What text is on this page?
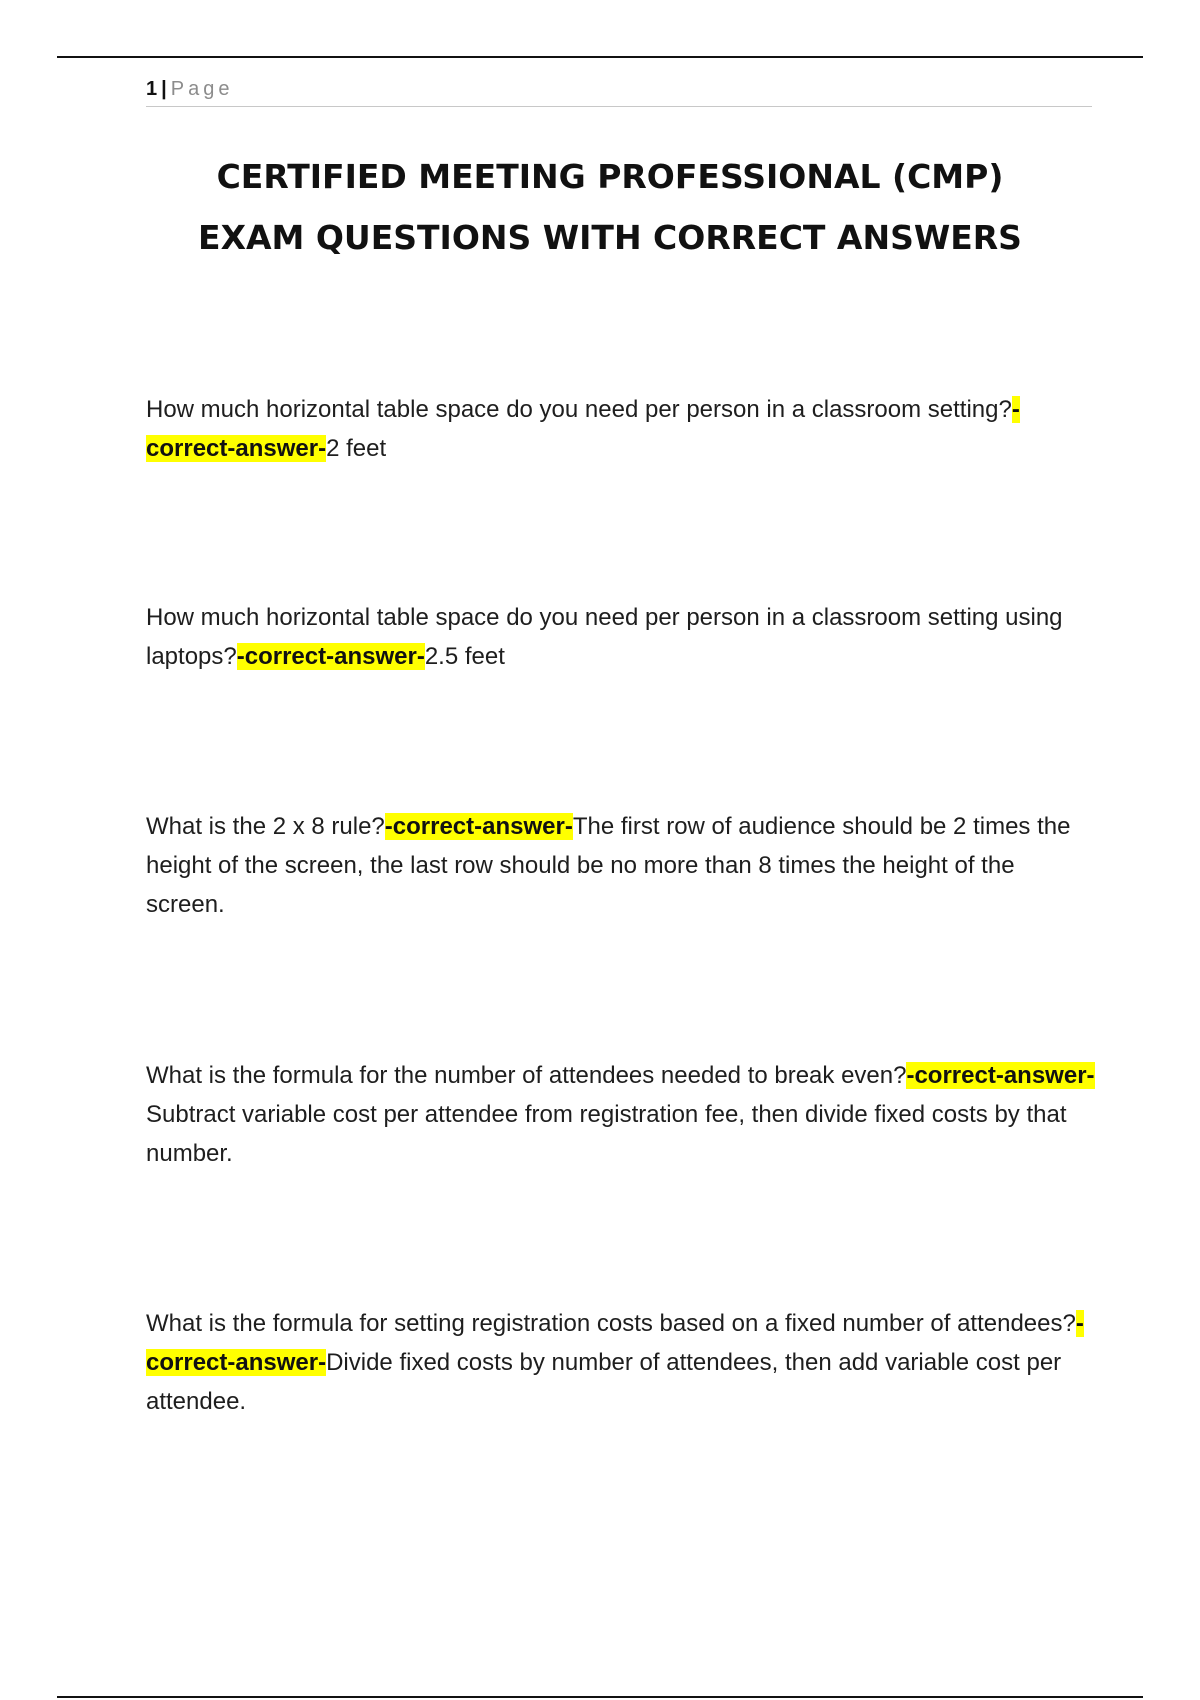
1 | Page
CERTIFIED MEETING PROFESSIONAL (CMP)
EXAM QUESTIONS WITH CORRECT ANSWERS

How much horizontal table space do you need per person in a classroom setting?-correct-answer-2 feet

How much horizontal table space do you need per person in a classroom setting using laptops?-correct-answer-2.5 feet

What is the 2 x 8 rule?-correct-answer-The first row of audience should be 2 times the height of the screen, the last row should be no more than 8 times the height of the screen.

What is the formula for the number of attendees needed to break even?-correct-answer-Subtract variable cost per attendee from registration fee, then divide fixed costs by that number.

What is the formula for setting registration costs based on a fixed number of attendees?-correct-answer-Divide fixed costs by number of attendees, then add variable cost per attendee.
